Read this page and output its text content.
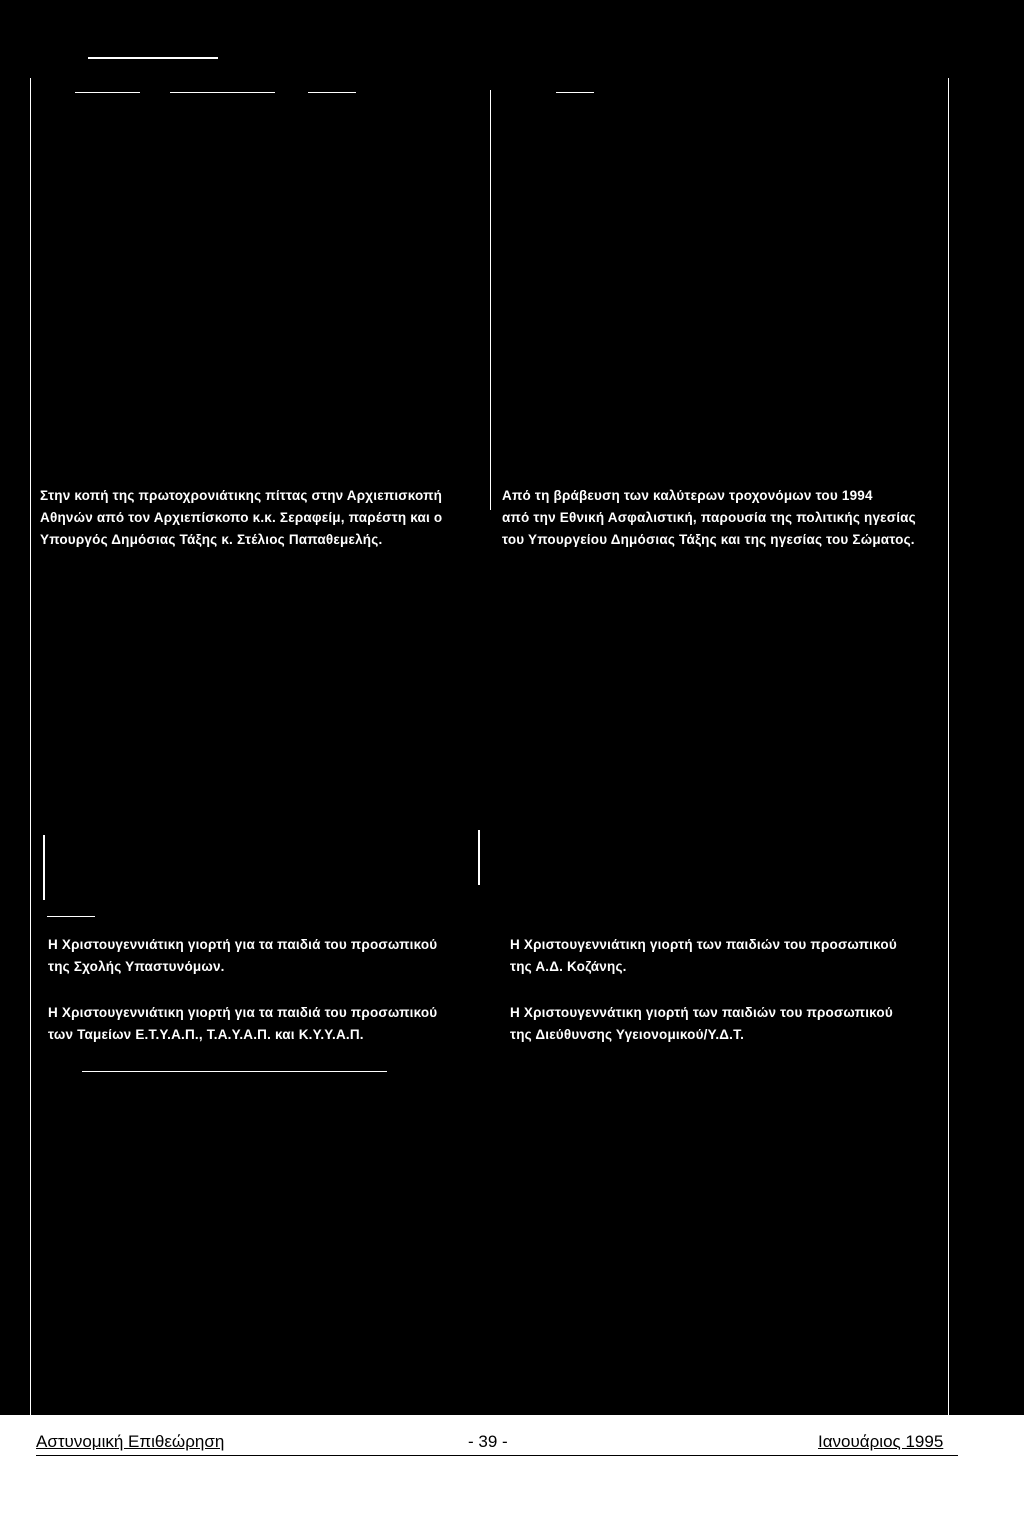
Στην κοπή της πρωτοχρονιάτικης πίττας στην Αρχιεπισκοπή
Αθηνών από τον Αρχιεπίσκοπο κ.κ. Σεραφείμ, παρέστη και ο
Υπουργός Δημόσιας Τάξης κ. Στέλιος Παπαθεμελής.

Από τη βράβευση των καλύτερων τροχονόμων του 1994
από την Εθνική Ασφαλιστική, παρουσία της πολιτικής ηγεσίας
του Υπουργείου Δημόσιας Τάξης και της ηγεσίας του Σώματος.

Η Χριστουγεννιάτικη γιορτή για τα παιδιά του προσωπικού
της Σχολής Υπαστυνόμων.

Η Χριστουγεννιάτικη γιορτή των παιδιών του προσωπικού
της Α.Δ. Κοζάνης.

Η Χριστουγεννιάτικη γιορτή για τα παιδιά του προσωπικού
των Ταμείων Ε.Τ.Υ.Α.Π., Τ.Α.Υ.Α.Π. και Κ.Υ.Υ.Α.Π.

Η Χριστουγεννάτικη γιορτή των παιδιών του προσωπικού
της Διεύθυνσης Υγειονομικού/Υ.Δ.Τ.

Αστυνομική Επιθεώρηση	- 39 -	Ιανουάριος 1995
